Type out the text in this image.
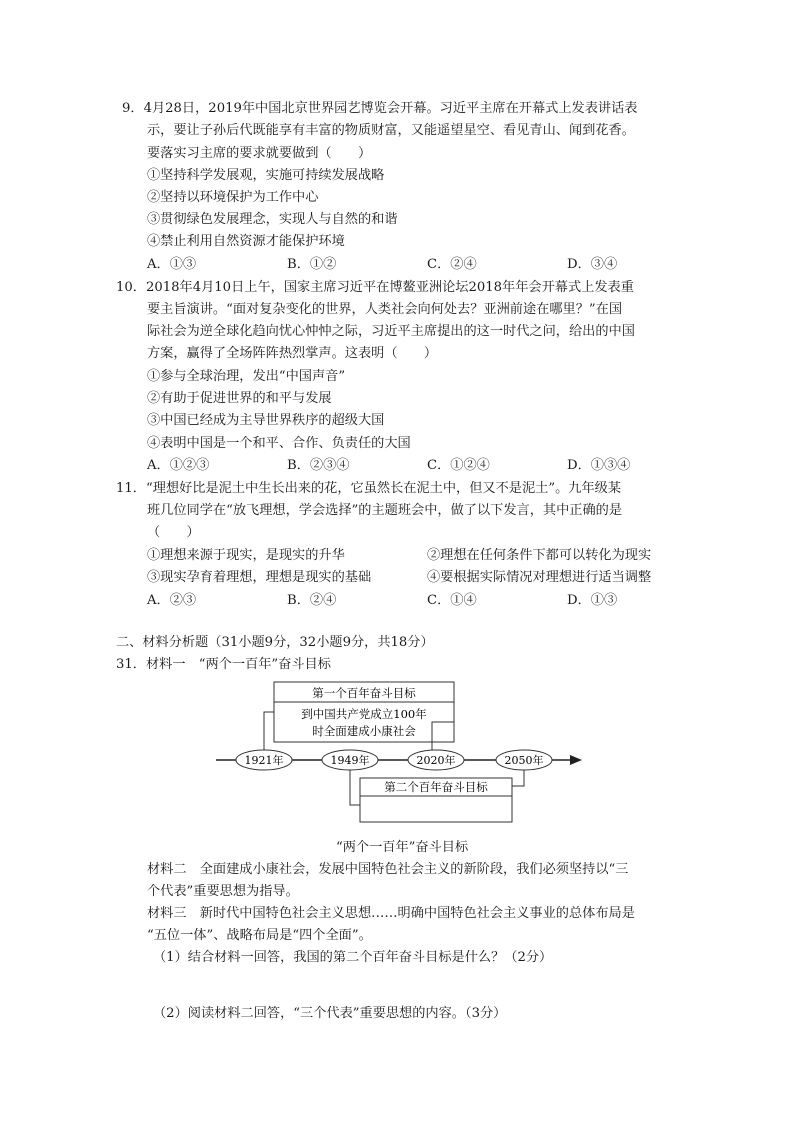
9．4月28日，2019年中国北京世界园艺博览会开幕。习近平主席在开幕式上发表讲话表
示，要让子孙后代既能享有丰富的物质财富，又能遥望星空、看见青山、闻到花香。
要落实习主席的要求就要做到（　　）
①坚持科学发展观，实施可持续发展战略
②坚持以环境保护为工作中心
③贯彻绿色发展理念，实现人与自然的和谐
④禁止利用自然资源才能保护环境
A．①③	B．①②	C．②④	D．③④
10．2018年4月10日上午，国家主席习近平在博鳌亚洲论坛2018年年会开幕式上发表重
要主旨演讲。“面对复杂变化的世界，人类社会向何处去？亚洲前途在哪里？”在国
际社会为逆全球化趋向忧心忡忡之际，习近平主席提出的这一时代之问，给出的中国
方案，赢得了全场阵阵热烈掌声。这表明（　　）
①参与全球治理，发出“中国声音”
②有助于促进世界的和平与发展
③中国已经成为主导世界秩序的超级大国
④表明中国是一个和平、合作、负责任的大国
A．①②③	B．②③④	C．①②④	D．①③④
11．“理想好比是泥土中生长出来的花，它虽然长在泥土中，但又不是泥土”。九年级某
班几位同学在“放飞理想，学会选择”的主题班会中，做了以下发言，其中正确的是
（　　）
①理想来源于现实，是现实的升华	②理想在任何条件下都可以转化为现实
③现实孕育着理想，理想是现实的基础	④要根据实际情况对理想进行适当调整
A．②③	B．②④	C．①④	D．①③
二、材料分析题（31小题9分，32小题9分，共18分）
31．材料一　“两个一百年”奋斗目标
第一个百年奋斗目标
到中国共产党成立100年
时全面建成小康社会
1921年	1949年	2020年	2050年
第二个百年奋斗目标
“两个一百年”奋斗目标
材料二　全面建成小康社会，发展中国特色社会主义的新阶段，我们必须坚持以“三
个代表”重要思想为指导。
材料三　新时代中国特色社会主义思想……明确中国特色社会主义事业的总体布局是
“五位一体”、战略布局是“四个全面”。
（1）结合材料一回答，我国的第二个百年奋斗目标是什么？（2分）
（2）阅读材料二回答，“三个代表”重要思想的内容。（3分）
